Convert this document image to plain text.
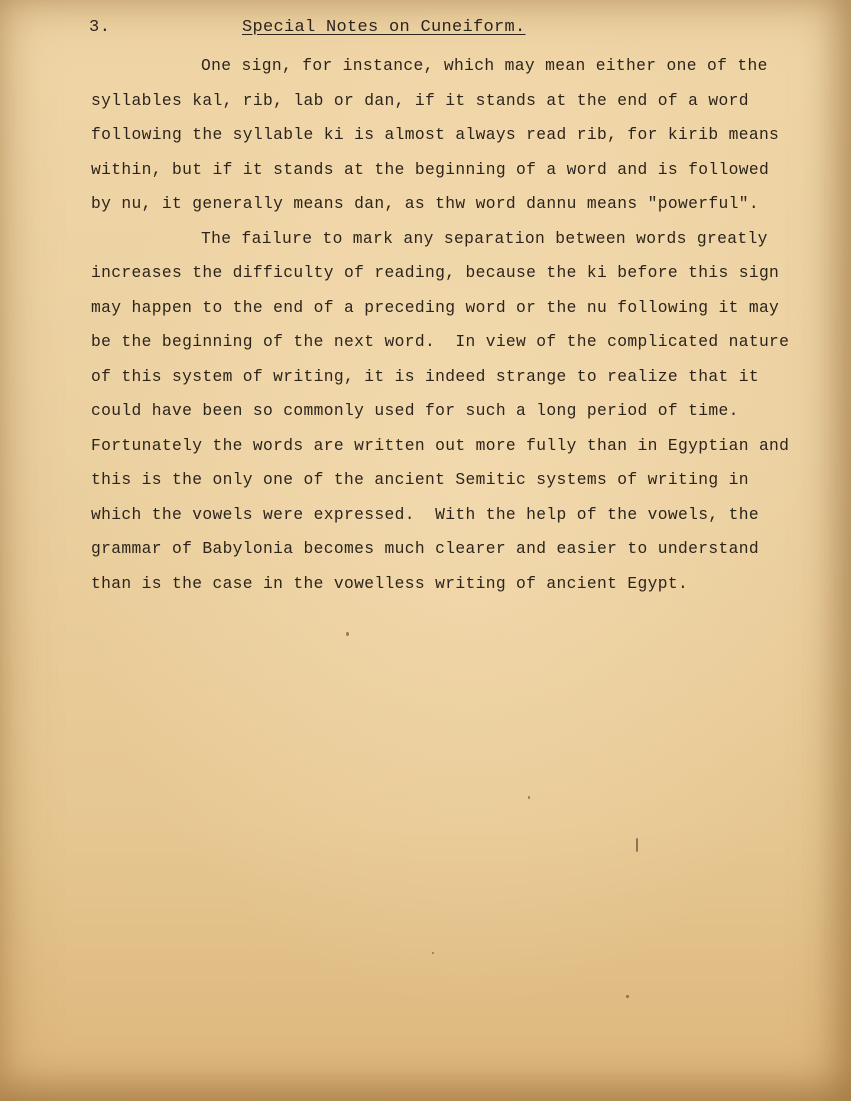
3.	Special Notes on Cuneiform.
One sign, for instance, which may mean either one of the
syllables kal, rib, lab or dan, if it stands at the end of a word
following the syllable ki is almost always read rib, for kirib means
within, but if it stands at the beginning of a word and is followed
by nu, it generally means dan, as thw word dannu means "powerful".
The failure to mark any separation between words greatly
increases the difficulty of reading, because the ki before this sign
may happen to the end of a preceding word or the nu following it may
be the beginning of the next word.  In view of the complicated nature
of this system of writing, it is indeed strange to realize that it
could have been so commonly used for such a long period of time.
Fortunately the words are written out more fully than in Egyptian and
this is the only one of the ancient Semitic systems of writing in
which the vowels were expressed.  With the help of the vowels, the
grammar of Babylonia becomes much clearer and easier to understand
than is the case in the vowelless writing of ancient Egypt.
